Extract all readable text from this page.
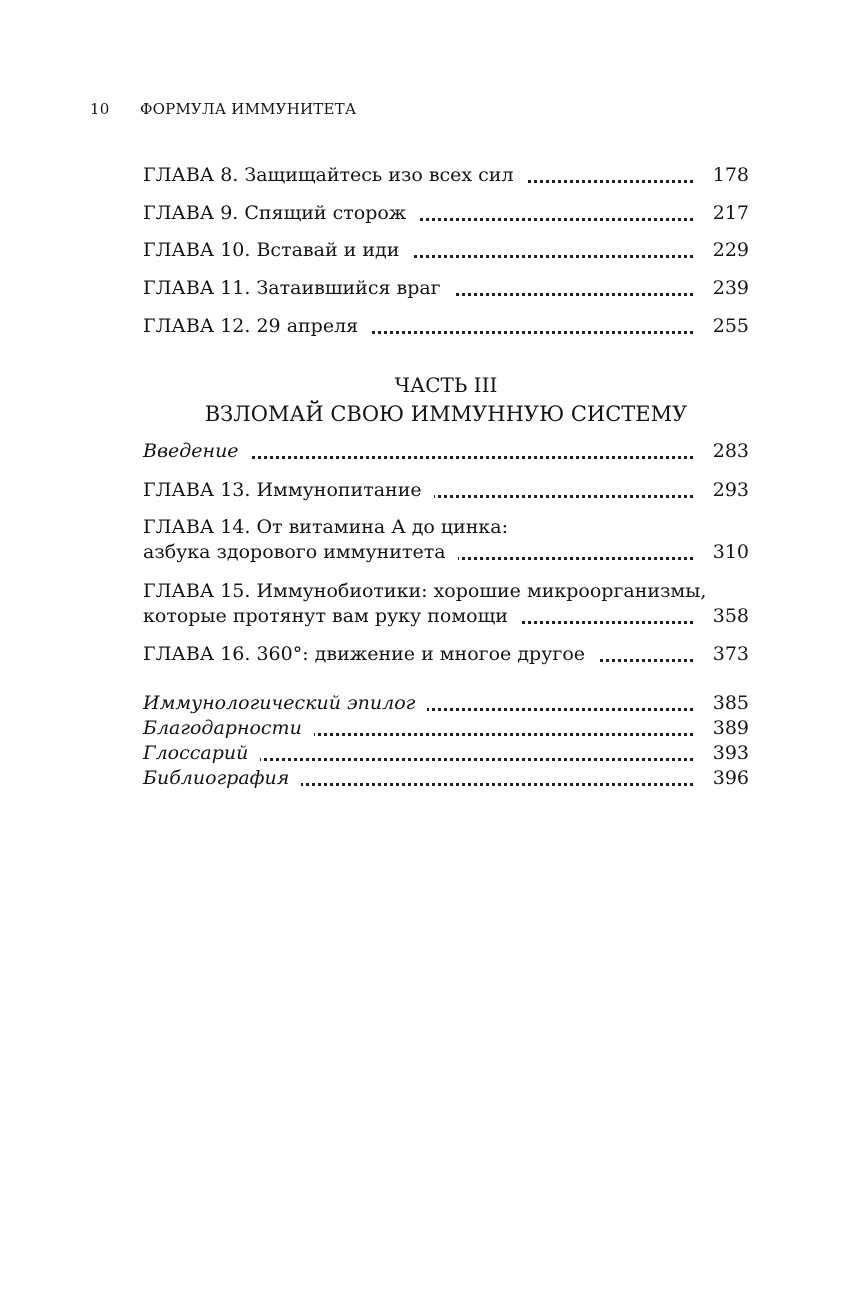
10 ФОРМУЛА ИММУНИТЕТА
ГЛАВА 8. Защищайтесь изо всех сил	178
ГЛАВА 9. Спящий сторож	217
ГЛАВА 10. Вставай и иди	229
ГЛАВА 11. Затаившийся враг	239
ГЛАВА 12. 29 апреля	255
ЧАСТЬ III
ВЗЛОМАЙ СВОЮ ИММУННУЮ СИСТЕМУ
Введение	283
ГЛАВА 13. Иммунопитание	293
ГЛАВА 14. От витамина А до цинка:
азбука здорового иммунитета	310
ГЛАВА 15. Иммунобиотики: хорошие микроорганизмы,
которые протянут вам руку помощи	358
ГЛАВА 16. 360°: движение и многое другое	373
Иммунологический эпилог	385
Благодарности	389
Глоссарий	393
Библиография	396
